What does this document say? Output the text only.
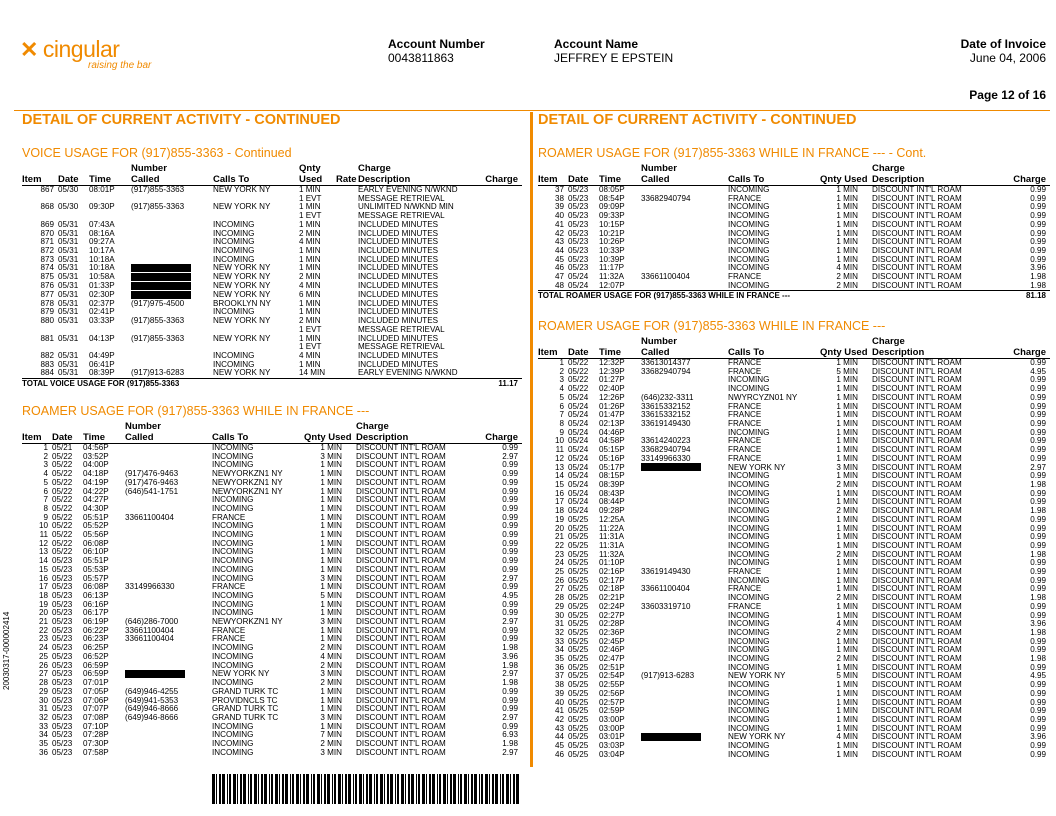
✕ cingular
raising the bar
Account Number
0043811863
Account Name
JEFFREY E EPSTEIN
Date of Invoice
June 04, 2006
Page 12 of 16
DETAIL OF CURRENT ACTIVITY - CONTINUED
VOICE USAGE FOR (917)855-3363 - Continued
			Number		Qnty		Charge	
Item	Date	Time	Called	Calls To	Used	Rate	Description	Charge
867	05/30	08:01P	(917)855-3363	NEW YORK NY	1 MIN		EARLY EVENING N/WKND	
					1 EVT		MESSAGE RETRIEVAL	
868	05/30	09:30P	(917)855-3363	NEW YORK NY	1 MIN		UNLIMITED N/WKND MIN	
					1 EVT		MESSAGE RETRIEVAL	
869	05/31	07:43A		INCOMING	1 MIN		INCLUDED MINUTES	
870	05/31	08:16A		INCOMING	2 MIN		INCLUDED MINUTES	
871	05/31	09:27A		INCOMING	4 MIN		INCLUDED MINUTES	
872	05/31	10:17A		INCOMING	1 MIN		INCLUDED MINUTES	
873	05/31	10:18A		INCOMING	1 MIN		INCLUDED MINUTES	
874	05/31	10:18A		NEW YORK NY	1 MIN		INCLUDED MINUTES	
875	05/31	10:58A		NEW YORK NY	2 MIN		INCLUDED MINUTES	
876	05/31	01:33P		NEW YORK NY	4 MIN		INCLUDED MINUTES	
877	05/31	02:30P		NEW YORK NY	6 MIN		INCLUDED MINUTES	
878	05/31	02:37P	(917)975-4500	BROOKLYN NY	1 MIN		INCLUDED MINUTES	
879	05/31	02:41P		INCOMING	1 MIN		INCLUDED MINUTES	
880	05/31	03:33P	(917)855-3363	NEW YORK NY	2 MIN		INCLUDED MINUTES	
					1 EVT		MESSAGE RETRIEVAL	
881	05/31	04:13P	(917)855-3363	NEW YORK NY	1 MIN		INCLUDED MINUTES	
					1 EVT		MESSAGE RETRIEVAL	
882	05/31	04:49P		INCOMING	4 MIN		INCLUDED MINUTES	
883	05/31	06:41P		INCOMING	1 MIN		INCLUDED MINUTES	
884	05/31	08:39P	(917)913-6283	NEW YORK NY	14 MIN		EARLY EVENING N/WKND	
TOTAL VOICE USAGE FOR (917)855-3363								11.17
ROAMER USAGE FOR (917)855-3363 WHILE IN FRANCE ---
			Number				Charge	
Item	Date	Time	Called	Calls To	Qnty Used		Description	Charge
1	05/21	04:56P		INCOMING	1 MIN		DISCOUNT INT'L ROAM	0.99
2	05/22	03:52P		INCOMING	3 MIN		DISCOUNT INT'L ROAM	2.97
3	05/22	04:00P		INCOMING	1 MIN		DISCOUNT INT'L ROAM	0.99
4	05/22	04:18P	(917)476-9463	NEWYORKZN1 NY	1 MIN		DISCOUNT INT'L ROAM	0.99
5	05/22	04:19P	(917)476-9463	NEWYORKZN1 NY	1 MIN		DISCOUNT INT'L ROAM	0.99
6	05/22	04:22P	(646)541-1751	NEWYORKZN1 NY	1 MIN		DISCOUNT INT'L ROAM	0.99
7	05/22	04:27P		INCOMING	1 MIN		DISCOUNT INT'L ROAM	0.99
8	05/22	04:30P		INCOMING	1 MIN		DISCOUNT INT'L ROAM	0.99
9	05/22	05:51P	33661100404	FRANCE	1 MIN		DISCOUNT INT'L ROAM	0.99
10	05/22	05:52P		INCOMING	1 MIN		DISCOUNT INT'L ROAM	0.99
11	05/22	05:56P		INCOMING	1 MIN		DISCOUNT INT'L ROAM	0.99
12	05/22	06:08P		INCOMING	1 MIN		DISCOUNT INT'L ROAM	0.99
13	05/22	06:10P		INCOMING	1 MIN		DISCOUNT INT'L ROAM	0.99
14	05/23	05:51P		INCOMING	1 MIN		DISCOUNT INT'L ROAM	0.99
15	05/23	05:53P		INCOMING	1 MIN		DISCOUNT INT'L ROAM	0.99
16	05/23	05:57P		INCOMING	3 MIN		DISCOUNT INT'L ROAM	2.97
17	05/23	06:08P	33149966330	FRANCE	1 MIN		DISCOUNT INT'L ROAM	0.99
18	05/23	06:13P		INCOMING	5 MIN		DISCOUNT INT'L ROAM	4.95
19	05/23	06:16P		INCOMING	1 MIN		DISCOUNT INT'L ROAM	0.99
20	05/23	06:17P		INCOMING	1 MIN		DISCOUNT INT'L ROAM	0.99
21	05/23	06:19P	(646)286-7000	NEWYORKZN1 NY	3 MIN		DISCOUNT INT'L ROAM	2.97
22	05/23	06:22P	33661100404	FRANCE	1 MIN		DISCOUNT INT'L ROAM	0.99
23	05/23	06:23P	33661100404	FRANCE	1 MIN		DISCOUNT INT'L ROAM	0.99
24	05/23	06:25P		INCOMING	2 MIN		DISCOUNT INT'L ROAM	1.98
25	05/23	06:52P		INCOMING	4 MIN		DISCOUNT INT'L ROAM	3.96
26	05/23	06:59P		INCOMING	2 MIN		DISCOUNT INT'L ROAM	1.98
27	05/23	06:59P		NEW YORK NY	3 MIN		DISCOUNT INT'L ROAM	2.97
28	05/23	07:01P		INCOMING	2 MIN		DISCOUNT INT'L ROAM	1.98
29	05/23	07:05P	(649)946-4255	GRAND TURK TC	1 MIN		DISCOUNT INT'L ROAM	0.99
30	05/23	07:06P	(649)941-5353	PROVIDNCLS TC	1 MIN		DISCOUNT INT'L ROAM	0.99
31	05/23	07:07P	(649)946-8666	GRAND TURK TC	1 MIN		DISCOUNT INT'L ROAM	0.99
32	05/23	07:08P	(649)946-8666	GRAND TURK TC	3 MIN		DISCOUNT INT'L ROAM	2.97
33	05/23	07:10P		INCOMING	1 MIN		DISCOUNT INT'L ROAM	0.99
34	05/23	07:28P		INCOMING	7 MIN		DISCOUNT INT'L ROAM	6.93
35	05/23	07:30P		INCOMING	2 MIN		DISCOUNT INT'L ROAM	1.98
36	05/23	07:58P		INCOMING	3 MIN		DISCOUNT INT'L ROAM	2.97
DETAIL OF CURRENT ACTIVITY - CONTINUED
ROAMER USAGE FOR (917)855-3363 WHILE IN FRANCE --- - Cont.
			Number				Charge	
Item	Date	Time	Called	Calls To	Qnty Used		Description	Charge
37	05/23	08:05P		INCOMING	1 MIN		DISCOUNT INT'L ROAM	0.99
38	05/23	08:54P	33682940794	FRANCE	1 MIN		DISCOUNT INT'L ROAM	0.99
39	05/23	09:09P		INCOMING	1 MIN		DISCOUNT INT'L ROAM	0.99
40	05/23	09:33P		INCOMING	1 MIN		DISCOUNT INT'L ROAM	0.99
41	05/23	10:15P		INCOMING	1 MIN		DISCOUNT INT'L ROAM	0.99
42	05/23	10:21P		INCOMING	1 MIN		DISCOUNT INT'L ROAM	0.99
43	05/23	10:26P		INCOMING	1 MIN		DISCOUNT INT'L ROAM	0.99
44	05/23	10:33P		INCOMING	1 MIN		DISCOUNT INT'L ROAM	0.99
45	05/23	10:39P		INCOMING	1 MIN		DISCOUNT INT'L ROAM	0.99
46	05/23	11:17P		INCOMING	4 MIN		DISCOUNT INT'L ROAM	3.96
47	05/24	11:32A	33661100404	FRANCE	2 MIN		DISCOUNT INT'L ROAM	1.98
48	05/24	12:07P		INCOMING	2 MIN		DISCOUNT INT'L ROAM	1.98
TOTAL ROAMER USAGE FOR (917)855-3363 WHILE IN FRANCE ---								81.18
ROAMER USAGE FOR (917)855-3363 WHILE IN FRANCE ---
			Number				Charge	
Item	Date	Time	Called	Calls To	Qnty Used		Description	Charge
1	05/22	12:32P	33613014377	FRANCE	1 MIN		DISCOUNT INT'L ROAM	0.99
2	05/22	12:39P	33682940794	FRANCE	5 MIN		DISCOUNT INT'L ROAM	4.95
3	05/22	01:27P		INCOMING	1 MIN		DISCOUNT INT'L ROAM	0.99
4	05/22	02:40P		INCOMING	1 MIN		DISCOUNT INT'L ROAM	0.99
5	05/24	12:26P	(646)232-3311	NWYRCYZN01 NY	1 MIN		DISCOUNT INT'L ROAM	0.99
6	05/24	01:26P	33615332152	FRANCE	1 MIN		DISCOUNT INT'L ROAM	0.99
7	05/24	01:47P	33615332152	FRANCE	1 MIN		DISCOUNT INT'L ROAM	0.99
8	05/24	02:13P	33619149430	FRANCE	1 MIN		DISCOUNT INT'L ROAM	0.99
9	05/24	04:46P		INCOMING	1 MIN		DISCOUNT INT'L ROAM	0.99
10	05/24	04:58P	33614240223	FRANCE	1 MIN		DISCOUNT INT'L ROAM	0.99
11	05/24	05:15P	33682940794	FRANCE	1 MIN		DISCOUNT INT'L ROAM	0.99
12	05/24	05:16P	33149966330	FRANCE	1 MIN		DISCOUNT INT'L ROAM	0.99
13	05/24	05:17P		NEW YORK NY	3 MIN		DISCOUNT INT'L ROAM	2.97
14	05/24	08:15P		INCOMING	1 MIN		DISCOUNT INT'L ROAM	0.99
15	05/24	08:39P		INCOMING	2 MIN		DISCOUNT INT'L ROAM	1.98
16	05/24	08:43P		INCOMING	1 MIN		DISCOUNT INT'L ROAM	0.99
17	05/24	08:44P		INCOMING	1 MIN		DISCOUNT INT'L ROAM	0.99
18	05/24	09:28P		INCOMING	2 MIN		DISCOUNT INT'L ROAM	1.98
19	05/25	12:25A		INCOMING	1 MIN		DISCOUNT INT'L ROAM	0.99
20	05/25	11:22A		INCOMING	1 MIN		DISCOUNT INT'L ROAM	0.99
21	05/25	11:31A		INCOMING	1 MIN		DISCOUNT INT'L ROAM	0.99
22	05/25	11:31A		INCOMING	1 MIN		DISCOUNT INT'L ROAM	0.99
23	05/25	11:32A		INCOMING	2 MIN		DISCOUNT INT'L ROAM	1.98
24	05/25	01:10P		INCOMING	1 MIN		DISCOUNT INT'L ROAM	0.99
25	05/25	02:16P	33619149430	FRANCE	1 MIN		DISCOUNT INT'L ROAM	0.99
26	05/25	02:17P		INCOMING	1 MIN		DISCOUNT INT'L ROAM	0.99
27	05/25	02:18P	33661100404	FRANCE	1 MIN		DISCOUNT INT'L ROAM	0.99
28	05/25	02:21P		INCOMING	2 MIN		DISCOUNT INT'L ROAM	1.98
29	05/25	02:24P	33603319710	FRANCE	1 MIN		DISCOUNT INT'L ROAM	0.99
30	05/25	02:27P		INCOMING	1 MIN		DISCOUNT INT'L ROAM	0.99
31	05/25	02:28P		INCOMING	4 MIN		DISCOUNT INT'L ROAM	3.96
32	05/25	02:36P		INCOMING	2 MIN		DISCOUNT INT'L ROAM	1.98
33	05/25	02:45P		INCOMING	1 MIN		DISCOUNT INT'L ROAM	0.99
34	05/25	02:46P		INCOMING	1 MIN		DISCOUNT INT'L ROAM	0.99
35	05/25	02:47P		INCOMING	2 MIN		DISCOUNT INT'L ROAM	1.98
36	05/25	02:51P		INCOMING	1 MIN		DISCOUNT INT'L ROAM	0.99
37	05/25	02:54P	(917)913-6283	NEW YORK NY	5 MIN		DISCOUNT INT'L ROAM	4.95
38	05/25	02:55P		INCOMING	1 MIN		DISCOUNT INT'L ROAM	0.99
39	05/25	02:56P		INCOMING	1 MIN		DISCOUNT INT'L ROAM	0.99
40	05/25	02:57P		INCOMING	1 MIN		DISCOUNT INT'L ROAM	0.99
41	05/25	02:59P		INCOMING	1 MIN		DISCOUNT INT'L ROAM	0.99
42	05/25	03:00P		INCOMING	1 MIN		DISCOUNT INT'L ROAM	0.99
43	05/25	03:00P		INCOMING	1 MIN		DISCOUNT INT'L ROAM	0.99
44	05/25	03:01P		NEW YORK NY	4 MIN		DISCOUNT INT'L ROAM	3.96
45	05/25	03:03P		INCOMING	1 MIN		DISCOUNT INT'L ROAM	0.99
46	05/25	03:04P		INCOMING	1 MIN		DISCOUNT INT'L ROAM	0.99
20030317-000002414
